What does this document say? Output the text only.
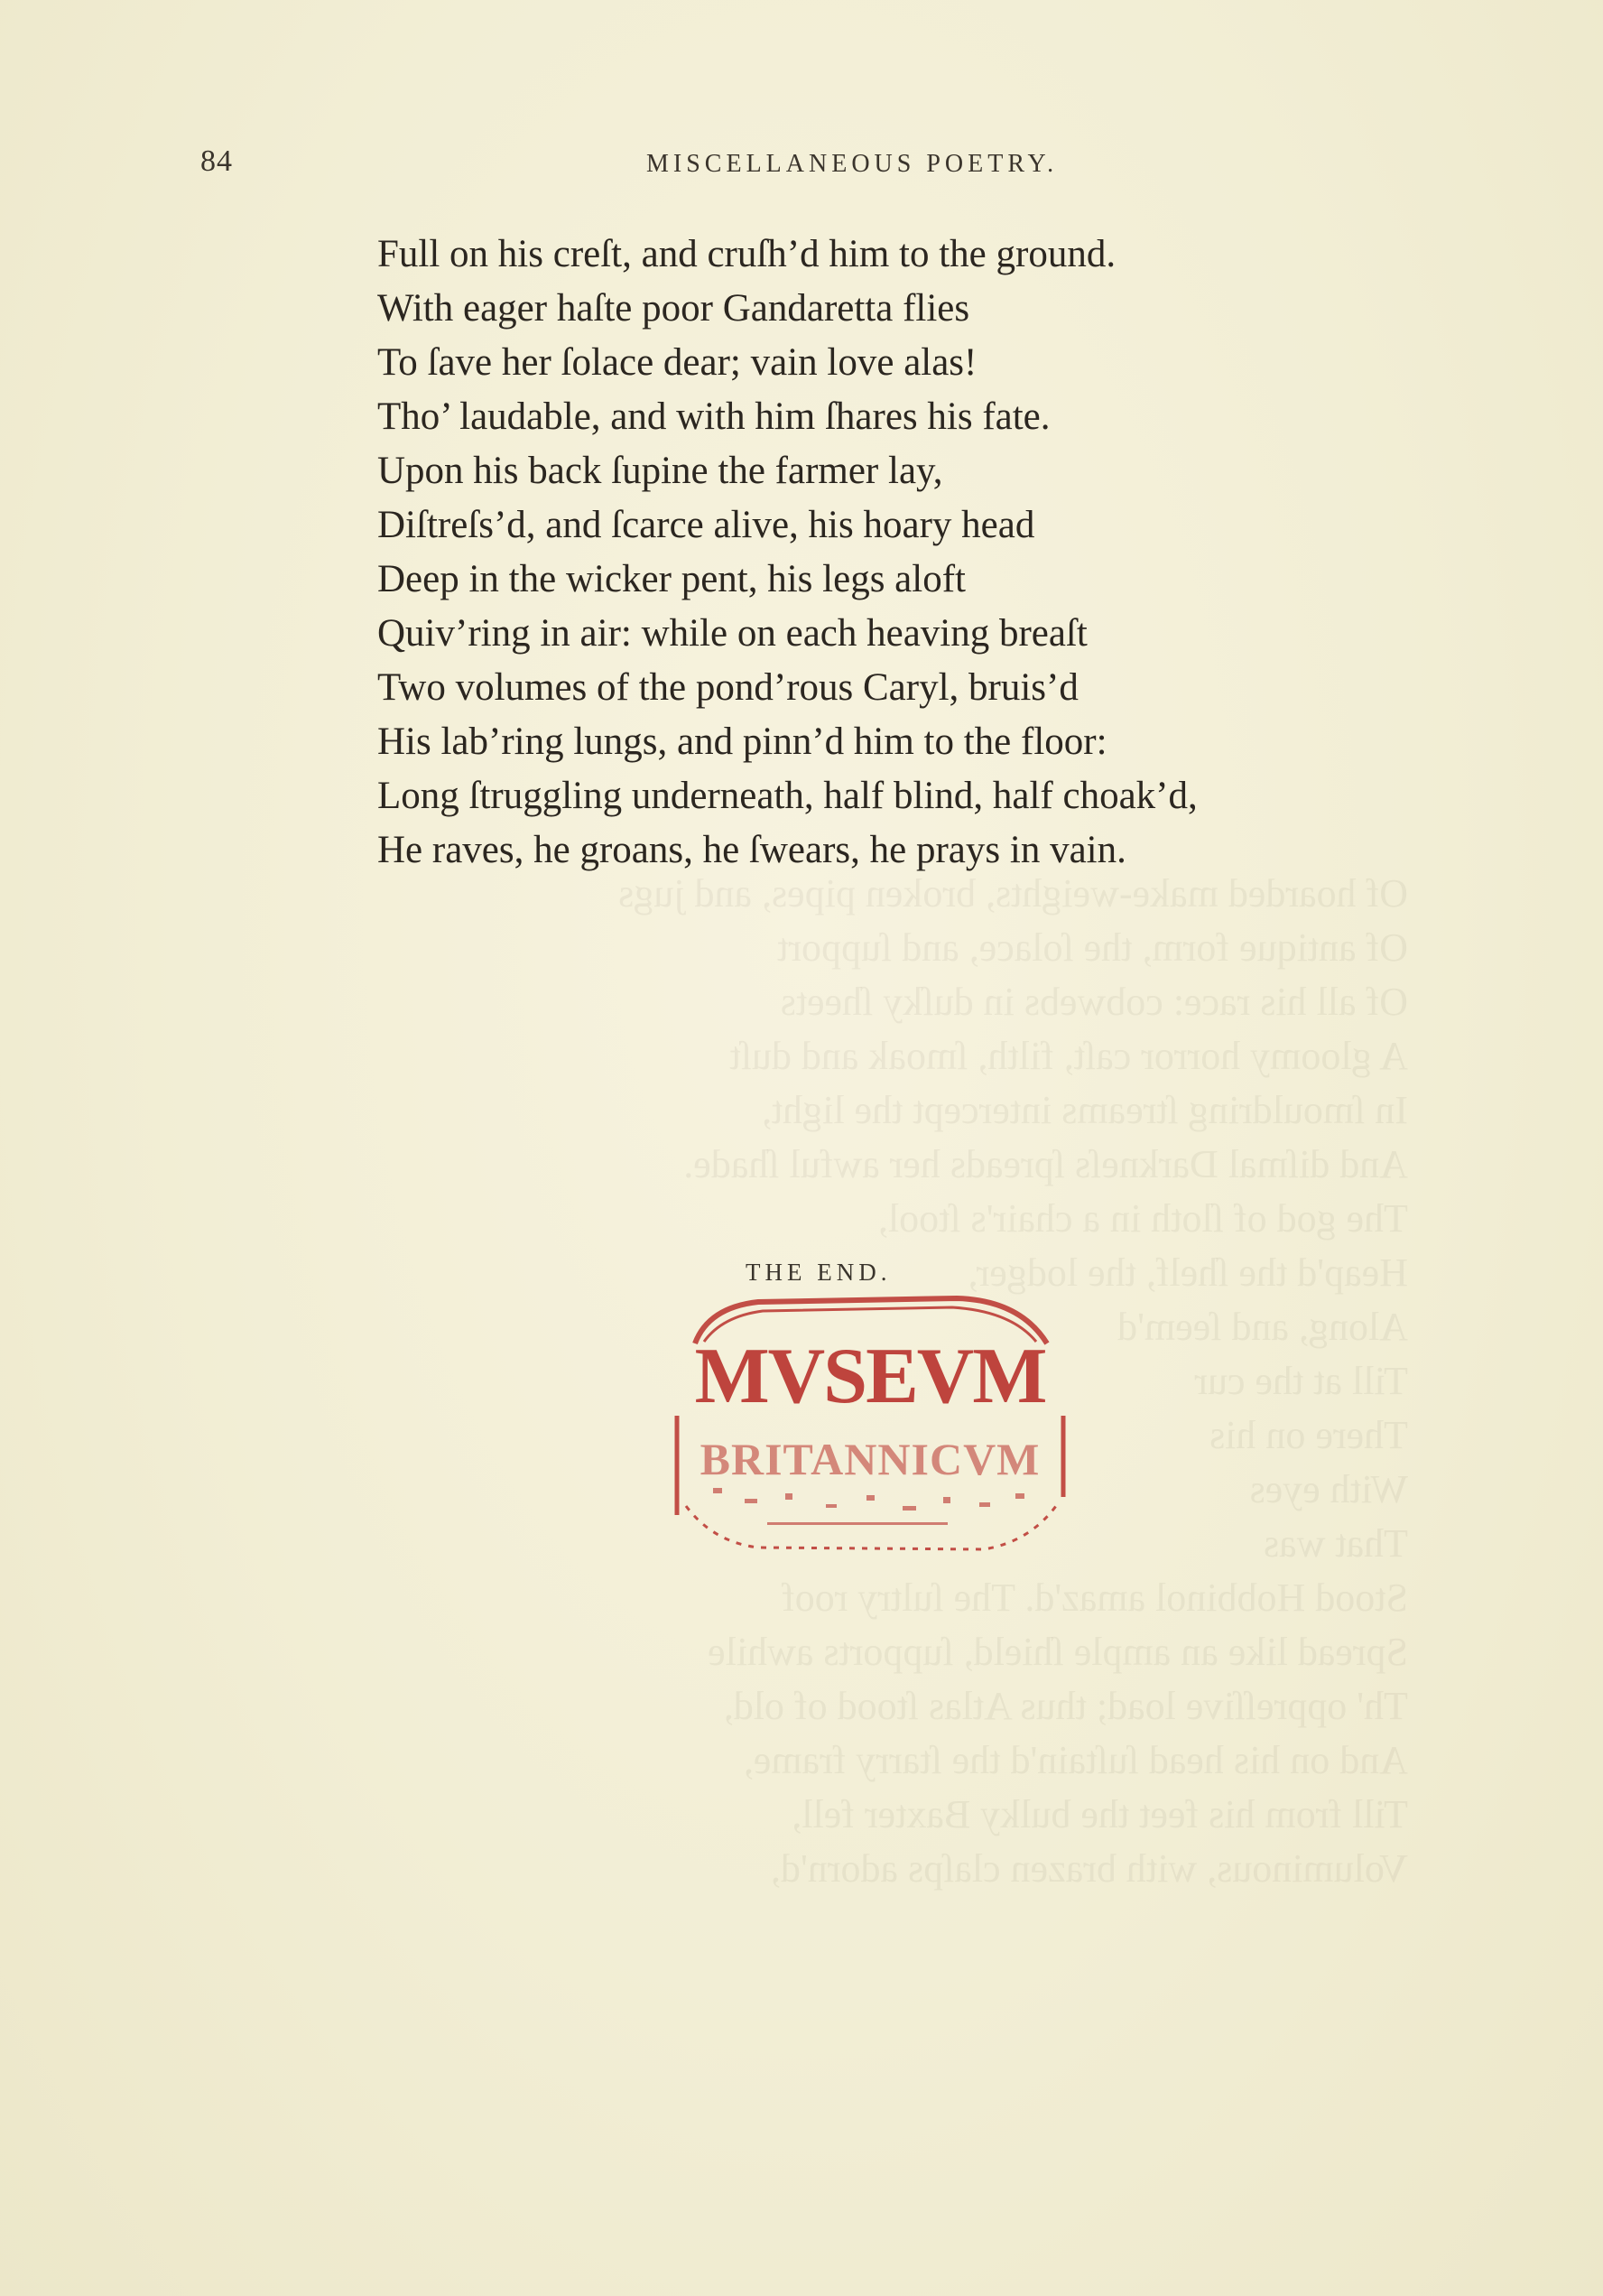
Of hoarded make-weights, broken pipes, and jugs
Of antique form, the ſolace, and ſupport
Of all his race: cobwebs in duſky ſheets
A gloomy horror caſt, filth, ſmoak and duſt
In ſmouldring ſtreams intercept the light,
And diſmal Darkneſs ſpreads her awful ſhade.
The god of ſloth in a chair's ſtool,
Heap'd the ſhelf, the lodger,
Along, and ſeem'd
Till at the cur
There on his
With eyes
That was
Stood Hobbinol amaz'd. The ſultry roof
Spread like an ample ſhield, ſupports awhile
Th' oppreſſive load; thus Atlas ſtood of old,
And on his head ſuſtain'd the ſtarry frame,
Till from his feet the bulky Baxter fell,
Voluminous, with brazen claſps adorn'd,
84	MISCELLANEOUS POETRY.
Full on his creſt, and cruſh’d him to the ground.
With eager haſte poor Gandaretta flies
To ſave her ſolace dear; vain love alas!
Tho’ laudable, and with him ſhares his fate.
Upon his back ſupine the farmer lay,
Diſtreſs’d, and ſcarce alive, his hoary head
Deep in the wicker pent, his legs aloft
Quiv’ring in air: while on each heaving breaſt
Two volumes of the pond’rous Caryl, bruis’d
His lab’ring lungs, and pinn’d him to the floor:
Long ſtruggling underneath, half blind, half choak’d,
He raves, he groans, he ſwears, he prays in vain.
THE END.
MVSEVM
BRITANNICVM
